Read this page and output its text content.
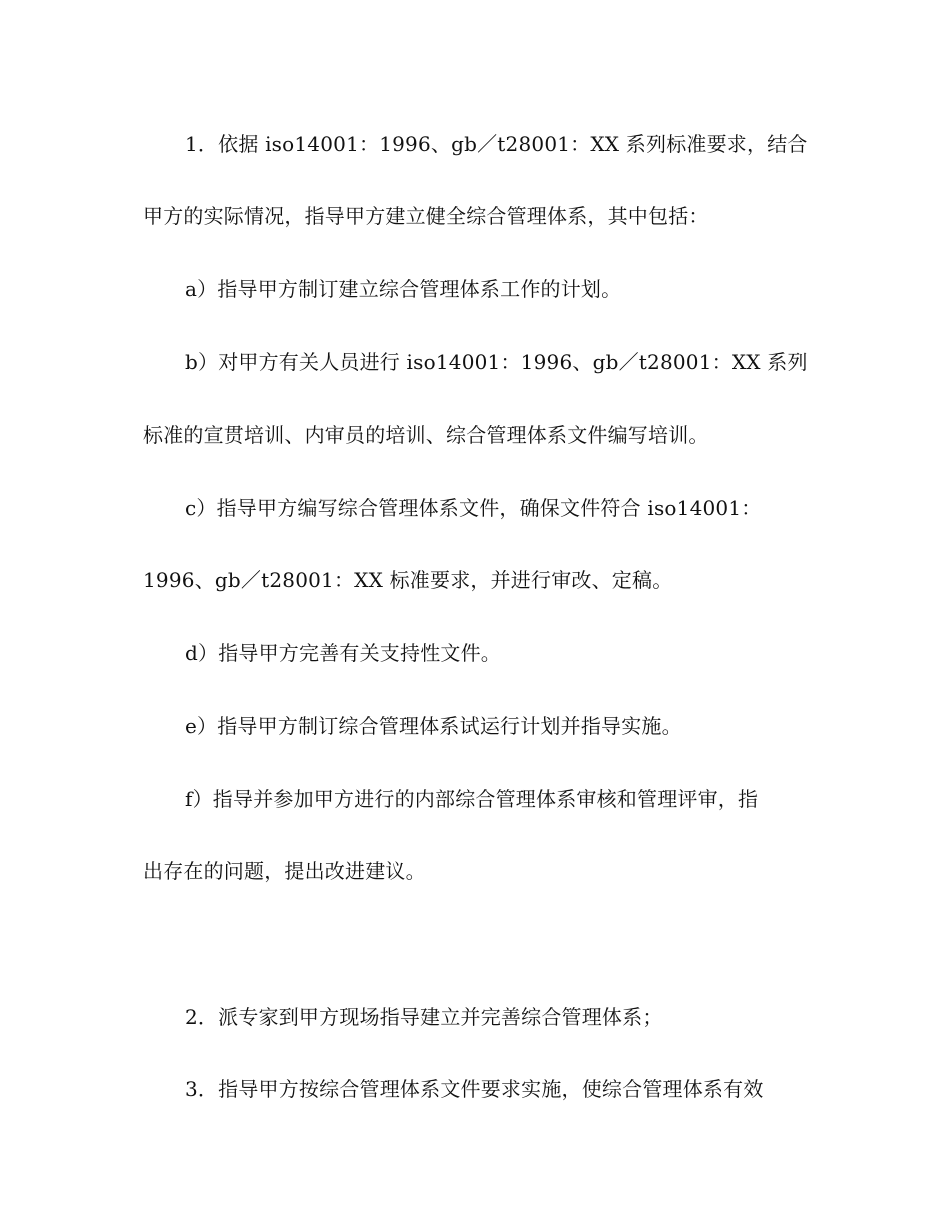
1．依据 iso14001：1996、gb／t28001：XX 系列标准要求，结合
甲方的实际情况，指导甲方建立健全综合管理体系，其中包括：
a）指导甲方制订建立综合管理体系工作的计划。
b）对甲方有关人员进行 iso14001：1996、gb／t28001：XX 系列
标准的宣贯培训、内审员的培训、综合管理体系文件编写培训。
c）指导甲方编写综合管理体系文件，确保文件符合 iso14001：
1996、gb／t28001：XX 标准要求，并进行审改、定稿。
d）指导甲方完善有关支持性文件。
e）指导甲方制订综合管理体系试运行计划并指导实施。
f）指导并参加甲方进行的内部综合管理体系审核和管理评审，指
出存在的问题，提出改进建议。
2．派专家到甲方现场指导建立并完善综合管理体系；
3．指导甲方按综合管理体系文件要求实施，使综合管理体系有效
